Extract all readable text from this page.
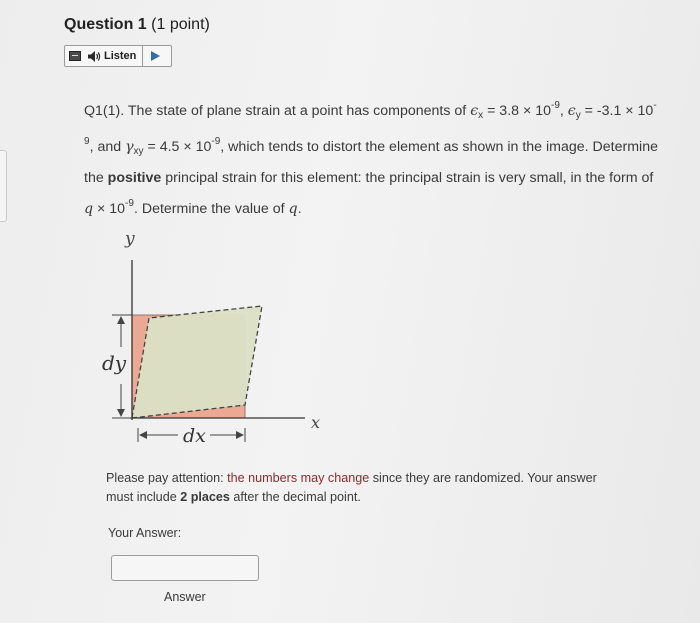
Question 1 (1 point)
Listen
Q1(1). The state of plane strain at a point has components of $\epsilon_x = 3.8 \times 10^{-9}$, $\epsilon_y = -3.1 \times 10^{-9}$, and $\gamma_{xy} = 4.5 \times 10^{-9}$, which tends to distort the element as shown in the image. Determine the positive principal strain for this element: the principal strain is very small, in the form of $q \times 10^{-9}$. Determine the value of q.
y
x
dy
dx
Please pay attention: the numbers may change since they are randomized. Your answer must include 2 places after the decimal point.
Your Answer:
Answer
